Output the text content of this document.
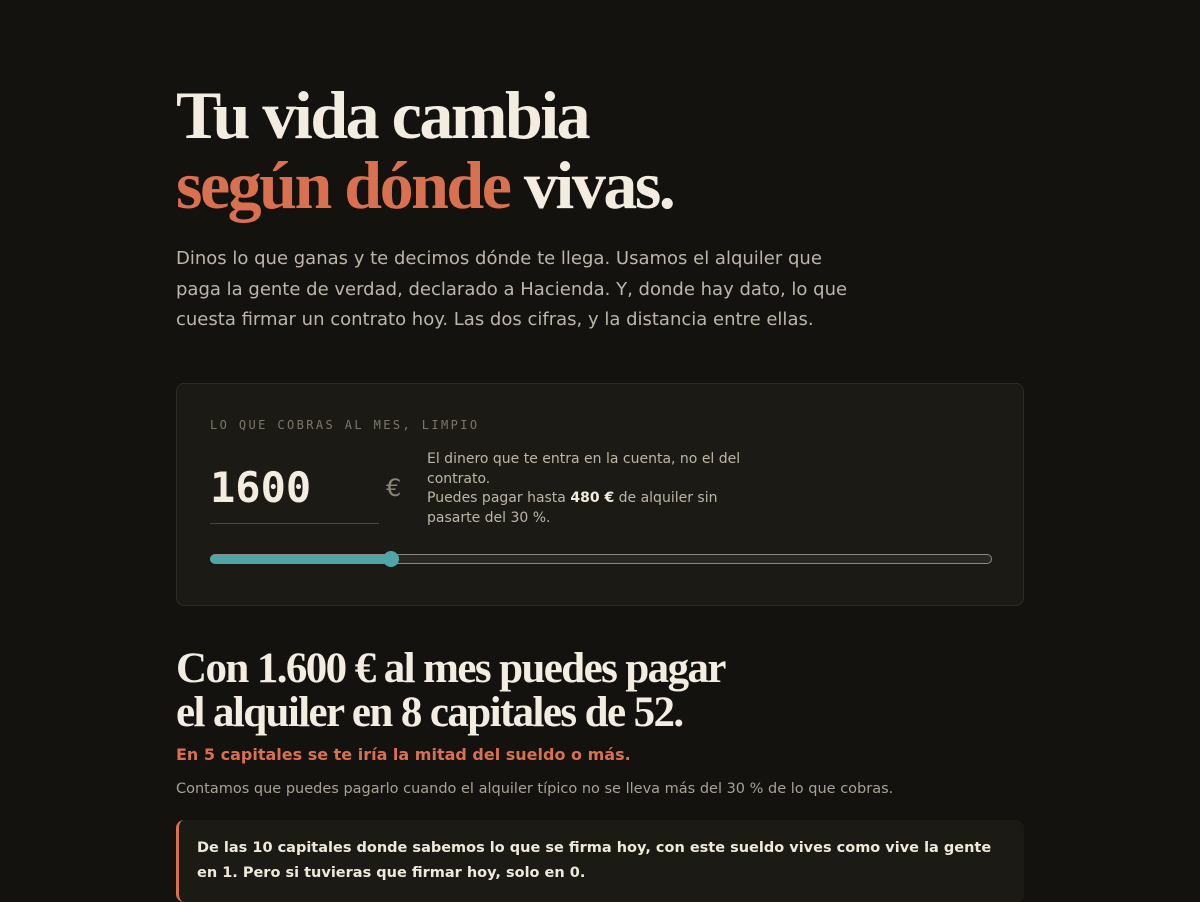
Tu vida cambia
según dónde vivas.

Dinos lo que ganas y te decimos dónde te llega. Usamos el alquiler que paga la gente de verdad, declarado a Hacienda. Y, donde hay dato, lo que cuesta firmar un contrato hoy. Las dos cifras, y la distancia entre ellas.

LO QUE COBRAS AL MES, LIMPIO
1600	€
El dinero que te entra en la cuenta, no el del contrato.
Puedes pagar hasta 480 € de alquiler sin pasarte del 30 %.
Con 1.600 € al mes puedes pagar
el alquiler en 8 capitales de 52.

En 5 capitales se te iría la mitad del sueldo o más.

Contamos que puedes pagarlo cuando el alquiler típico no se lleva más del 30 % de lo que cobras.

De las 10 capitales donde sabemos lo que se firma hoy, con este sueldo vives como vive la gente en 1. Pero si tuvieras que firmar hoy, solo en 0.
